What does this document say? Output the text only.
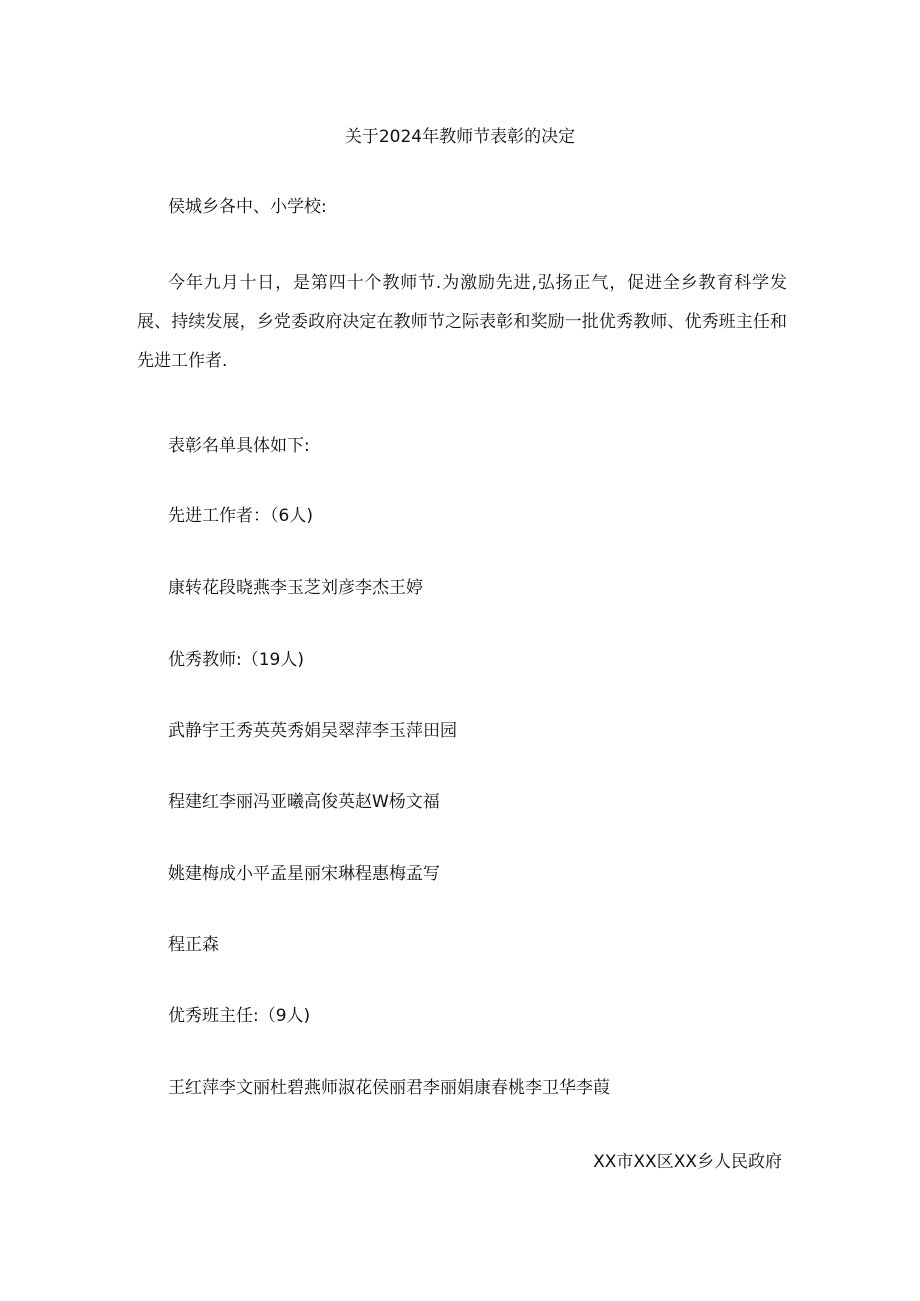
关于2024年教师节表彰的决定
侯城乡各中、小学校:
今年九月十日，是第四十个教师节.为激励先进,弘扬正气，促进全乡教育科学发展、持续发展，乡党委政府决定在教师节之际表彰和奖励一批优秀教师、优秀班主任和先进工作者.
表彰名单具体如下:
先进工作者：（6人)
康转花段晓燕李玉芝刘彦李杰王婷
优秀教师:（19人)
武静宇王秀英英秀娟吴翠萍李玉萍田园
程建红李丽冯亚曦高俊英赵W杨文福
姚建梅成小平孟星丽宋琳程惠梅孟写
程正森
优秀班主任:（9人)
王红萍李文丽杜碧燕师淑花侯丽君李丽娟康春桃李卫华李葭
XX市XX区XX乡人民政府
